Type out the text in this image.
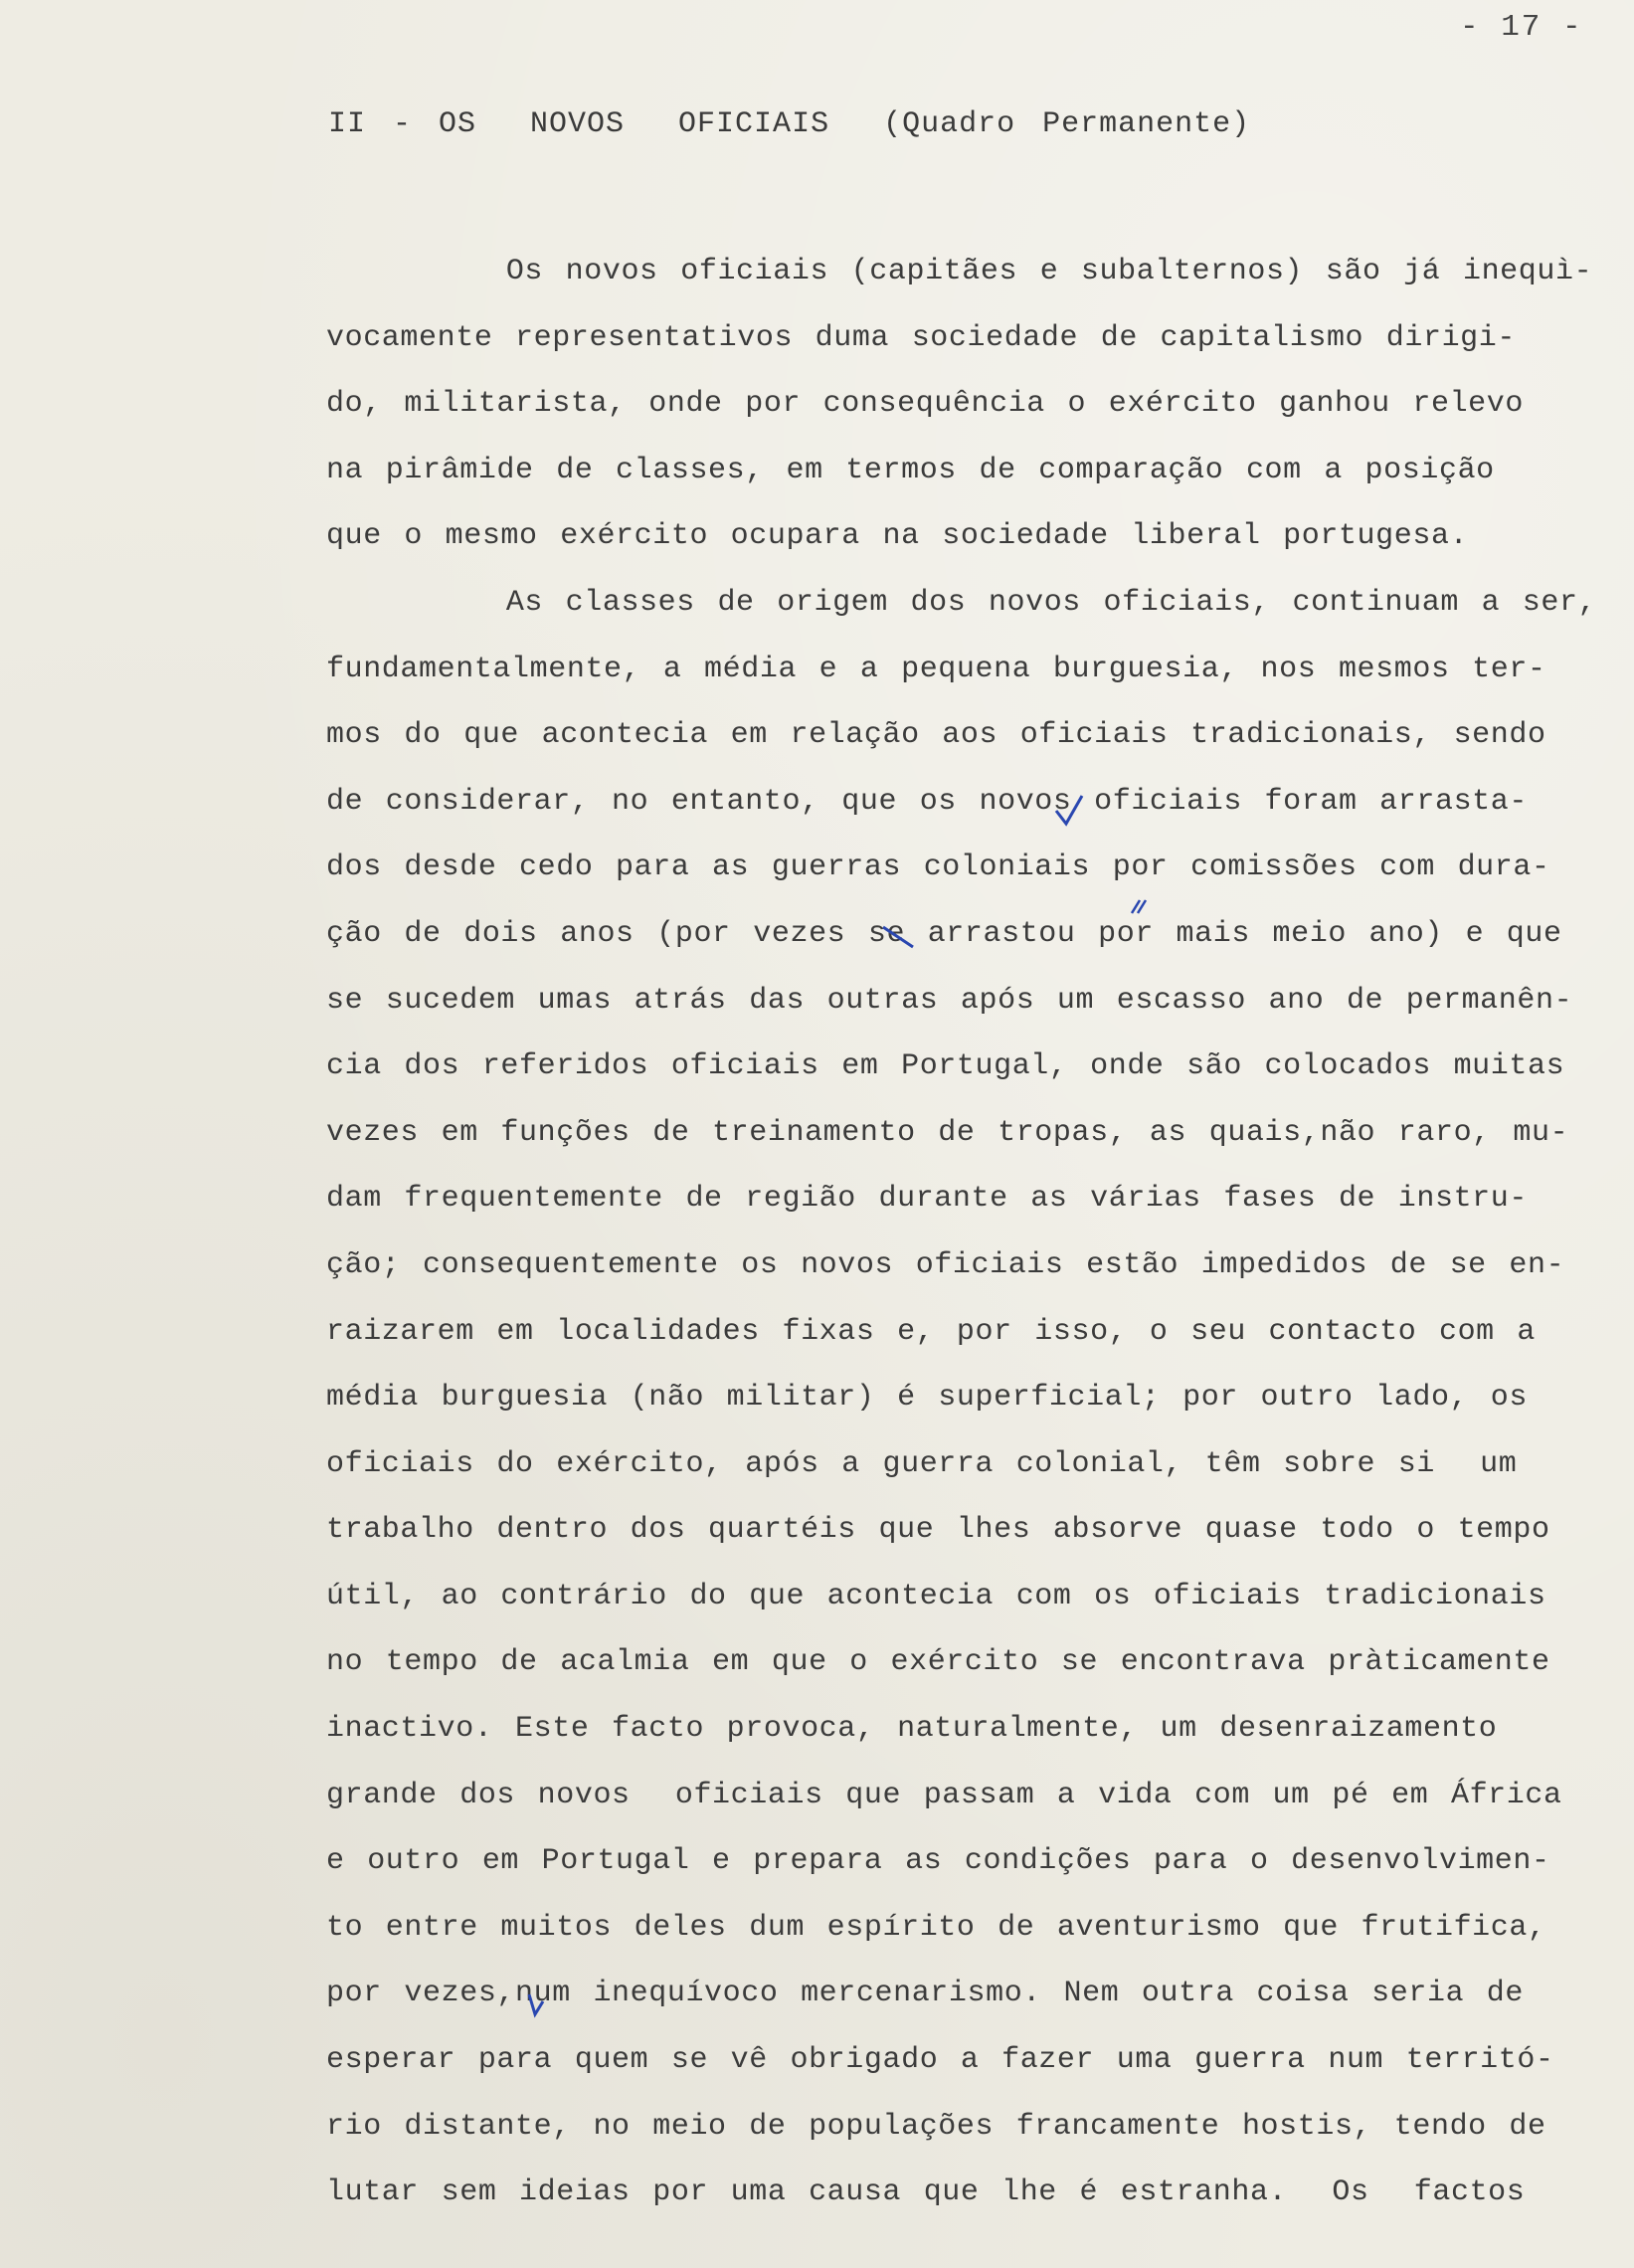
- 17 -
II - OS  NOVOS  OFICIAIS  (Quadro Permanente)
Os novos oficiais (capitães e subalternos) são já inequì-
vocamente representativos duma sociedade de capitalismo dirigi-
do, militarista, onde por consequência o exército ganhou relevo
na pirâmide de classes, em termos de comparação com a posição
que o mesmo exército ocupara na sociedade liberal portugesa.
As classes de origem dos novos oficiais, continuam a ser,
fundamentalmente, a média e a pequena burguesia, nos mesmos ter-
mos do que acontecia em relação aos oficiais tradicionais, sendo
de considerar, no entanto, que os novos oficiais foram arrasta-
dos desde cedo para as guerras coloniais por comissões com dura-
ção de dois anos (por vezes se arrastou por mais meio ano) e que
se sucedem umas atrás das outras após um escasso ano de permanên-
cia dos referidos oficiais em Portugal, onde são colocados muitas
vezes em funções de treinamento de tropas, as quais,não raro, mu-
dam frequentemente de região durante as várias fases de instru-
ção; consequentemente os novos oficiais estão impedidos de se en-
raizarem em localidades fixas e, por isso, o seu contacto com a
média burguesia (não militar) é superficial; por outro lado, os
oficiais do exército, após a guerra colonial, têm sobre si  um
trabalho dentro dos quartéis que lhes absorve quase todo o tempo
útil, ao contrário do que acontecia com os oficiais tradicionais
no tempo de acalmia em que o exército se encontrava pràticamente
inactivo. Este facto provoca, naturalmente, um desenraizamento
grande dos novos  oficiais que passam a vida com um pé em África
e outro em Portugal e prepara as condições para o desenvolvimen-
to entre muitos deles dum espírito de aventurismo que frutifica,
por vezes,num inequívoco mercenarismo. Nem outra coisa seria de
esperar para quem se vê obrigado a fazer uma guerra num territó-
rio distante, no meio de populações francamente hostis, tendo de
lutar sem ideias por uma causa que lhe é estranha.  Os  factos
